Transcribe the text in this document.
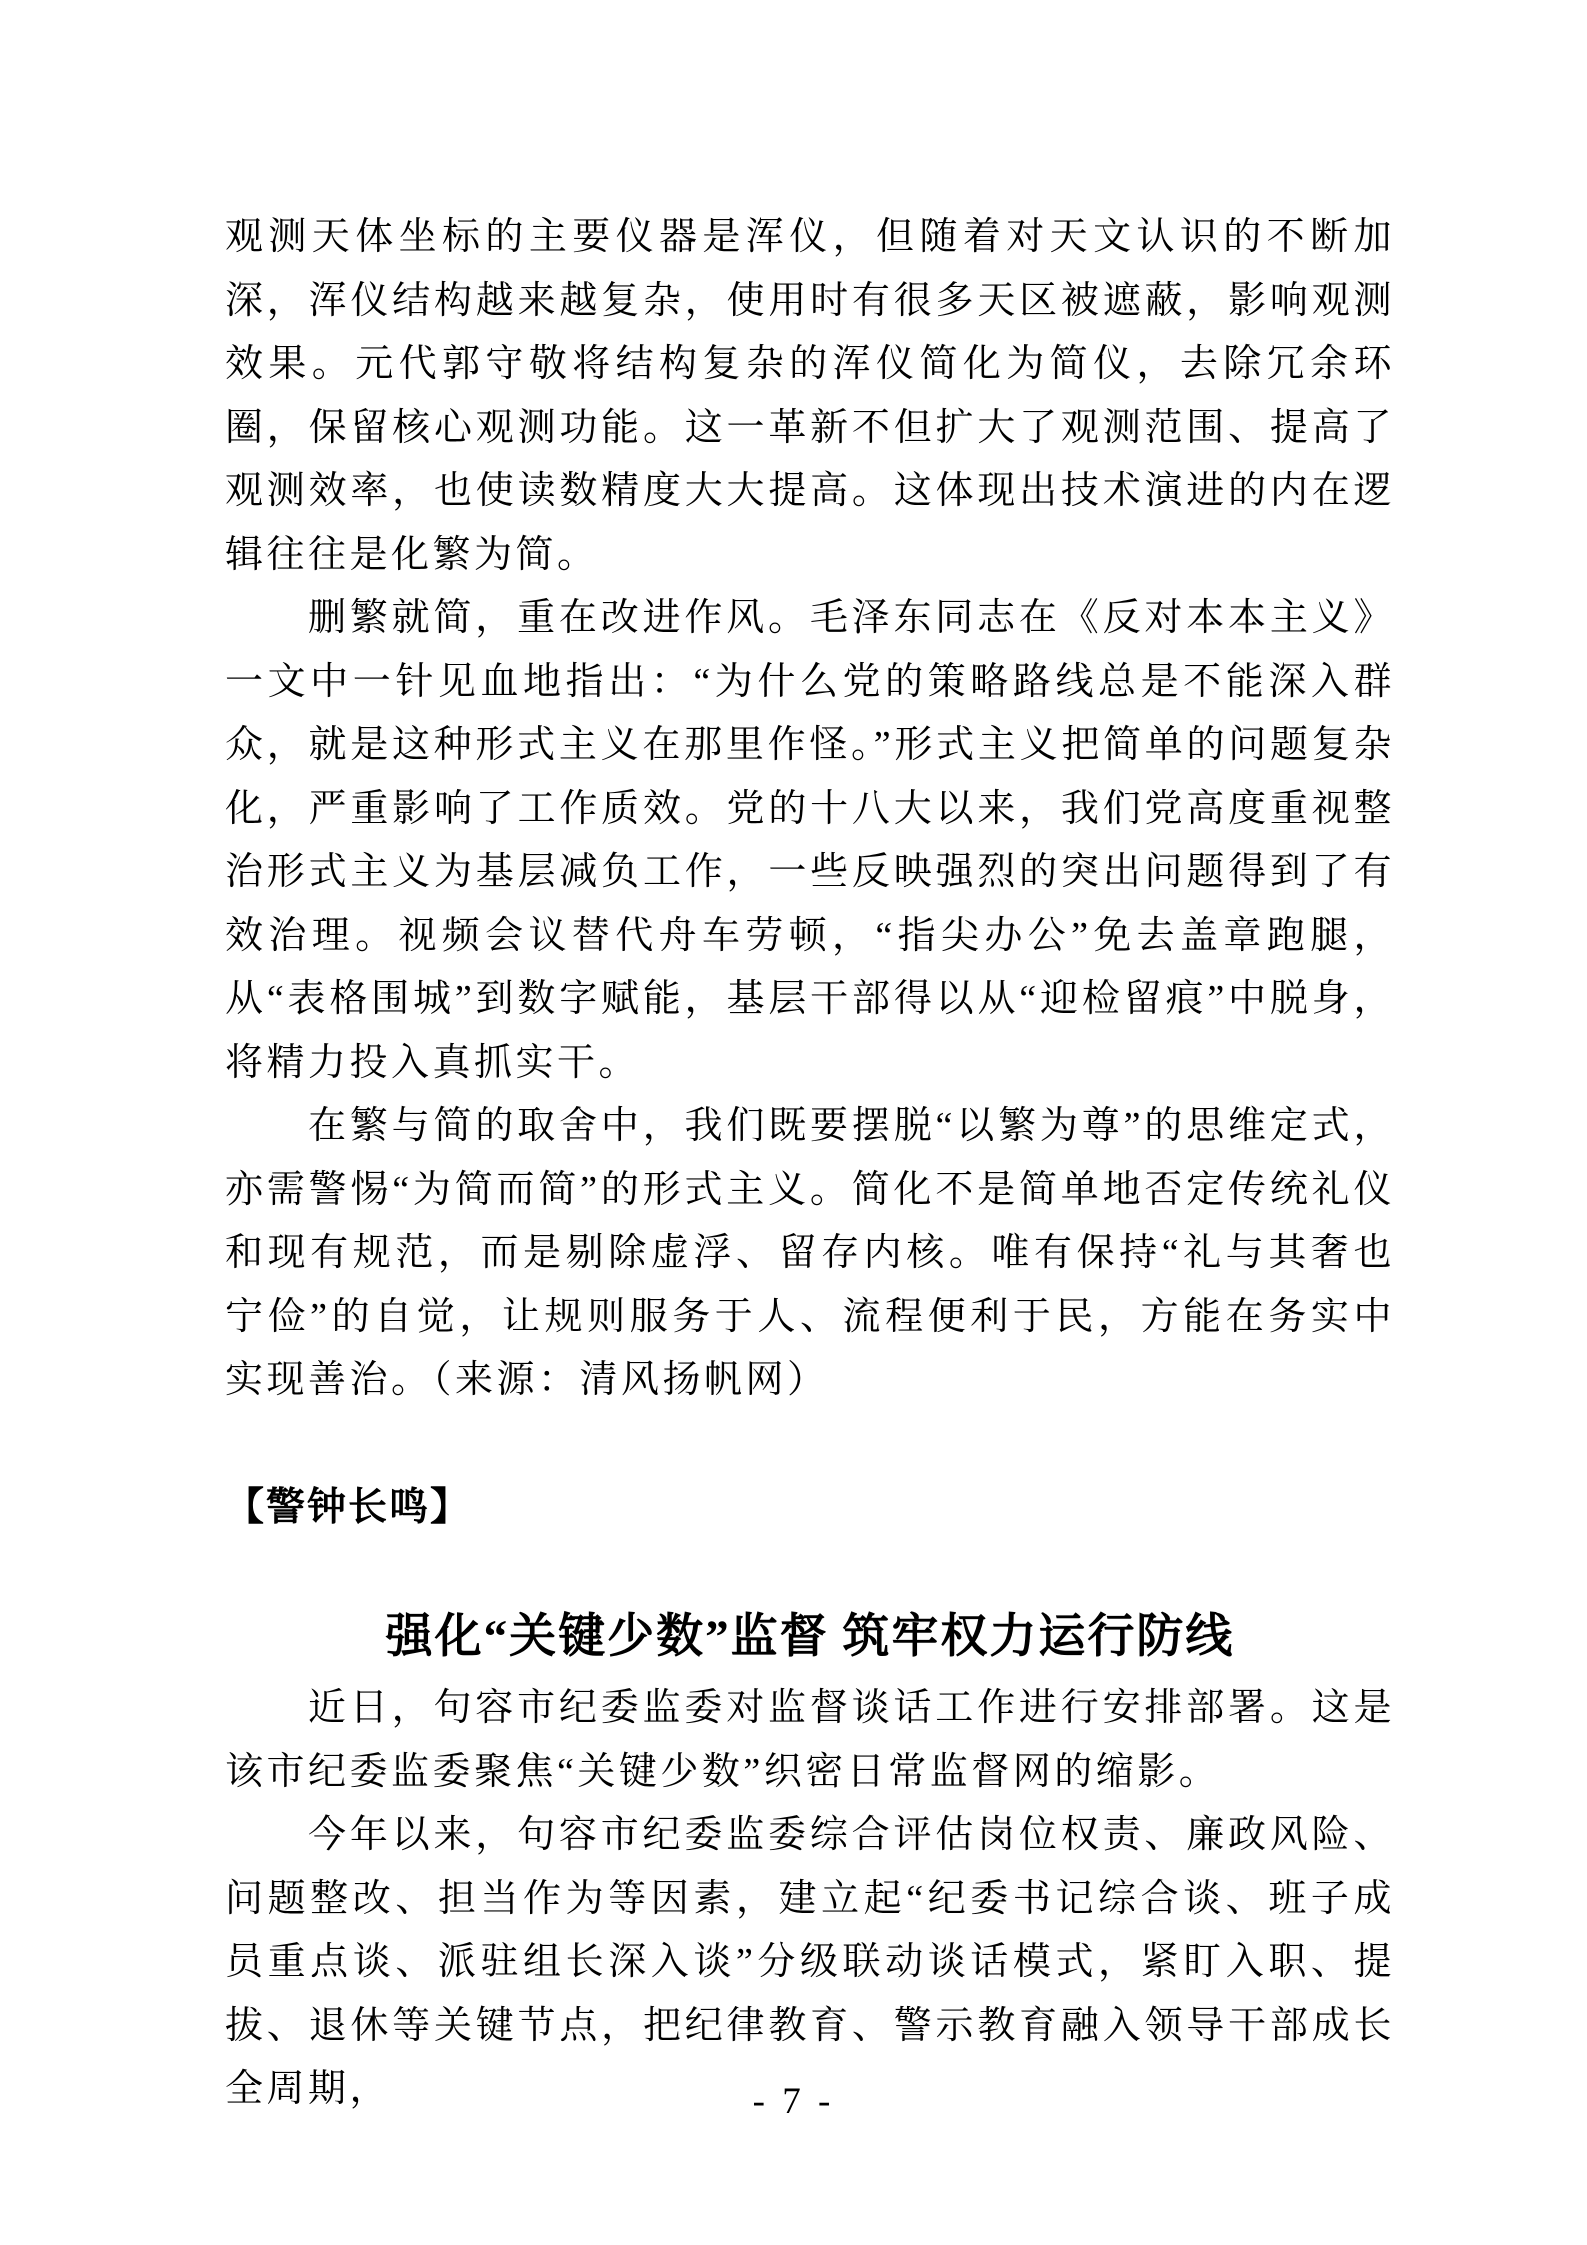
观测天体坐标的主要仪器是浑仪，但随着对天文认识的不断加深，浑仪结构越来越复杂，使用时有很多天区被遮蔽，影响观测效果。元代郭守敬将结构复杂的浑仪简化为简仪，去除冗余环圈，保留核心观测功能。这一革新不但扩大了观测范围、提高了观测效率，也使读数精度大大提高。这体现出技术演进的内在逻辑往往是化繁为简。

删繁就简，重在改进作风。毛泽东同志在《反对本本主义》一文中一针见血地指出：“为什么党的策略路线总是不能深入群众，就是这种形式主义在那里作怪。”形式主义把简单的问题复杂化，严重影响了工作质效。党的十八大以来，我们党高度重视整治形式主义为基层减负工作，一些反映强烈的突出问题得到了有效治理。视频会议替代舟车劳顿，“指尖办公”免去盖章跑腿，从“表格围城”到数字赋能，基层干部得以从“迎检留痕”中脱身，将精力投入真抓实干。

在繁与简的取舍中，我们既要摆脱“以繁为尊”的思维定式，亦需警惕“为简而简”的形式主义。简化不是简单地否定传统礼仪和现有规范，而是剔除虚浮、留存内核。唯有保持“礼与其奢也宁俭”的自觉，让规则服务于人、流程便利于民，方能在务实中实现善治。（来源：清风扬帆网）

【警钟长鸣】

强化“关键少数”监督 筑牢权力运行防线

近日，句容市纪委监委对监督谈话工作进行安排部署。这是该市纪委监委聚焦“关键少数”织密日常监督网的缩影。

今年以来，句容市纪委监委综合评估岗位权责、廉政风险、问题整改、担当作为等因素，建立起“纪委书记综合谈、班子成员重点谈、派驻组长深入谈”分级联动谈话模式，紧盯入职、提拔、退休等关键节点，把纪律教育、警示教育融入领导干部成长全周期，	- 7 -
